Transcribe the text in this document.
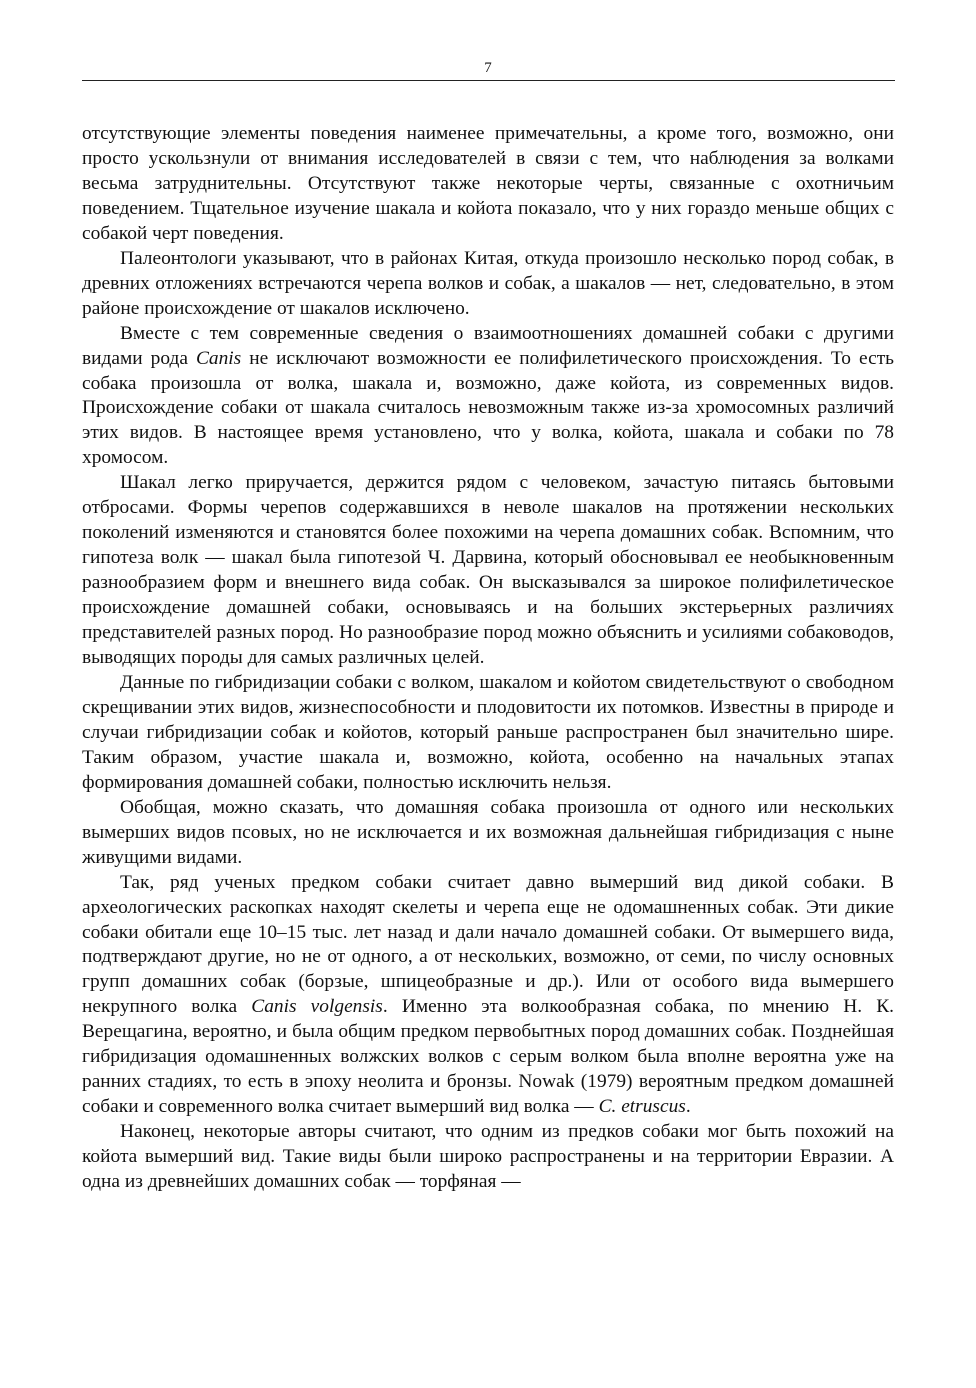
7

отсутствующие элементы поведения наименее примечательны, а кроме того, возможно, они просто ускользнули от внимания исследователей в связи с тем, что наблюдения за волками весьма затруднительны. Отсутствуют также некоторые черты, связанные с охотничьим поведением. Тщательное изучение шакала и койота показало, что у них гораздо меньше общих с собакой черт поведения.

Палеонтологи указывают, что в районах Китая, откуда произошло несколько пород собак, в древних отложениях встречаются черепа волков и собак, а шакалов — нет, следовательно, в этом районе происхождение от шакалов исключено.

Вместе с тем современные сведения о взаимоотношениях домашней собаки с другими видами рода Canis не исключают возможности ее полифилетического происхождения. То есть собака произошла от волка, шакала и, возможно, даже койота, из современных видов. Происхождение собаки от шакала считалось невозможным также из-за хромосомных различий этих видов. В настоящее время установлено, что у волка, койота, шакала и собаки по 78 хромосом.

Шакал легко приручается, держится рядом с человеком, зачастую питаясь бытовыми отбросами. Формы черепов содержавшихся в неволе шакалов на протяжении нескольких поколений изменяются и становятся более похожими на черепа домашних собак. Вспомним, что гипотеза волк — шакал была гипотезой Ч. Дарвина, который обосновывал ее необыкновенным разнообразием форм и внешнего вида собак. Он высказывался за широкое полифилетическое происхождение домашней собаки, основываясь и на больших экстерьерных различиях представителей разных пород. Но разнообразие пород можно объяснить и усилиями собаководов, выводящих породы для самых различных целей.

Данные по гибридизации собаки с волком, шакалом и койотом свидетельствуют о свободном скрещивании этих видов, жизнеспособности и плодовитости их потомков. Известны в природе и случаи гибридизации собак и койотов, который раньше распространен был значительно шире. Таким образом, участие шакала и, возможно, койота, особенно на начальных этапах формирования домашней собаки, полностью исключить нельзя.

Обобщая, можно сказать, что домашняя собака произошла от одного или нескольких вымерших видов псовых, но не исключается и их возможная дальнейшая гибридизация с ныне живущими видами.

Так, ряд ученых предком собаки считает давно вымерший вид дикой собаки. В археологических раскопках находят скелеты и черепа еще не одомашненных собак. Эти дикие собаки обитали еще 10–15 тыс. лет назад и дали начало домашней собаки. От вымершего вида, подтверждают другие, но не от одного, а от нескольких, возможно, от семи, по числу основных групп домашних собак (борзые, шпицеобразные и др.). Или от особого вида вымершего некрупного волка Canis volgensis. Именно эта волкообразная собака, по мнению Н. К. Верещагина, вероятно, и была общим предком первобытных пород домашних собак. Позднейшая гибридизация одомашненных волжских волков с серым волком была вполне вероятна уже на ранних стадиях, то есть в эпоху неолита и бронзы. Nowak (1979) вероятным предком домашней собаки и современного волка считает вымерший вид волка — C. etruscus.

Наконец, некоторые авторы считают, что одним из предков собаки мог быть похожий на койота вымерший вид. Такие виды были широко распространены и на территории Евразии. А одна из древнейших домашних собак — торфяная —
